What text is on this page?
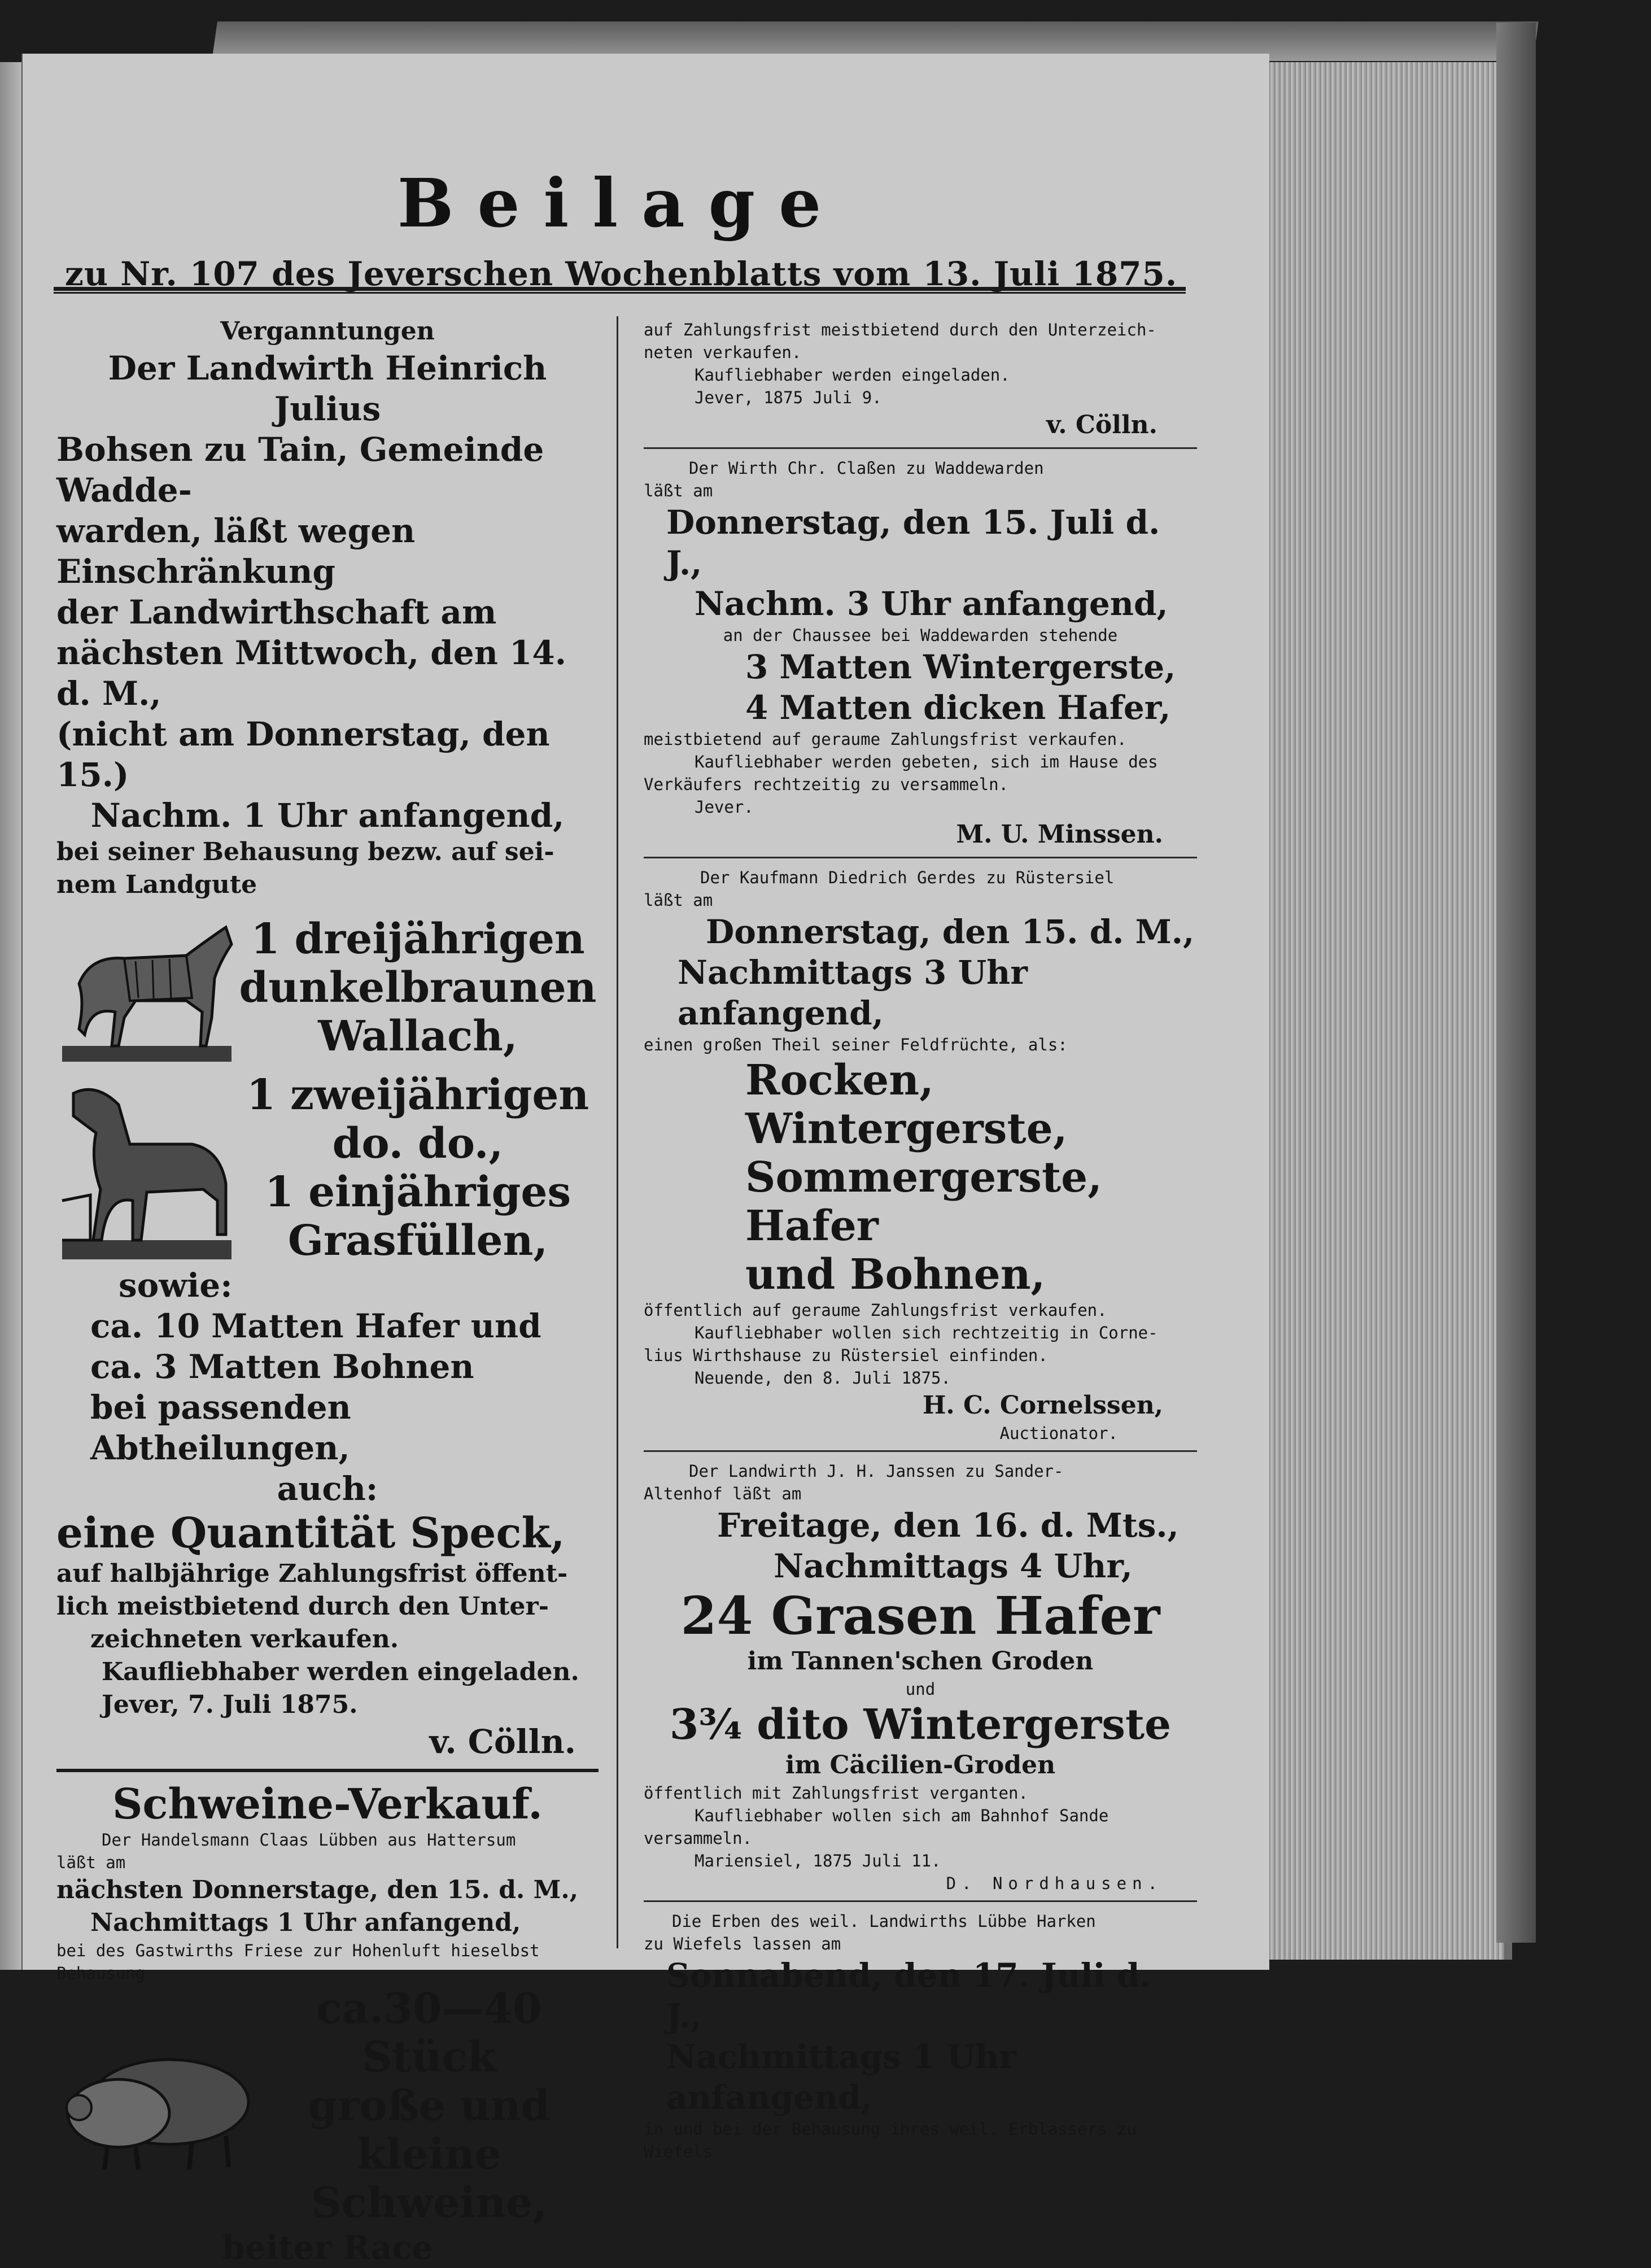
Beilage
zu Nr. 107 des Jeverschen Wochenblatts vom 13. Juli 1875.
Verganntungen
Der Landwirth Heinrich Julius
Bohsen zu Tain, Gemeinde Wadde-
warden, läßt wegen Einschränkung
der Landwirthschaft am
nächsten Mittwoch, den 14. d. M.,
(nicht am Donnerstag, den 15.)
Nachm. 1 Uhr anfangend,
bei seiner Behausung bezw. auf sei-
nem Landgute
1 dreijährigen
dunkelbraunen
Wallach,
1 zweijährigen
do. do.,
1 einjähriges
Grasfüllen,
sowie:
ca. 10 Matten Hafer und
ca. 3 Matten Bohnen
bei passenden Abtheilungen,
auch:
eine Quantität Speck,
auf halbjährige Zahlungsfrist öffent-
lich meistbietend durch den Unter-
zeichneten verkaufen.
Kaufliebhaber werden eingeladen.
Jever, 7. Juli 1875.
v. Cölln.
Schweine-Verkauf.
Der Handelsmann Claas Lübben aus Hattersum
läßt am
nächsten Donnerstage, den 15. d. M.,
Nachmittags 1 Uhr anfangend,
bei des Gastwirths Friese zur Hohenluft hieselbst
Behausung
ca.30—40 Stück
große und kleine
Schweine,
beiter Race
auf Zahlungsfrist meistbietend durch den Unterzeich-
neten verkaufen.
Kaufliebhaber werden eingeladen.
Jever, 1875 Juli 9.
v. Cölln.
Der Wirth Chr. Claßen zu Waddewarden
läßt am
Donnerstag, den 15. Juli d. J.,
Nachm. 3 Uhr anfangend,
an der Chaussee bei Waddewarden stehende
3 Matten Wintergerste,
4 Matten dicken Hafer,
meistbietend auf geraume Zahlungsfrist verkaufen.
Kaufliebhaber werden gebeten, sich im Hause des
Verkäufers rechtzeitig zu versammeln.
Jever.
M. U. Minssen.
Der Kaufmann Diedrich Gerdes zu Rüstersiel
läßt am
Donnerstag, den 15. d. M.,
Nachmittags 3 Uhr anfangend,
einen großen Theil seiner Feldfrüchte, als:
Rocken, Wintergerste,
Sommergerste, Hafer
und Bohnen,
öffentlich auf geraume Zahlungsfrist verkaufen.
Kaufliebhaber wollen sich rechtzeitig in Corne-
lius Wirthshause zu Rüstersiel einfinden.
Neuende, den 8. Juli 1875.
H. C. Cornelssen,
Auctionator.
Der Landwirth J. H. Janssen zu Sander-
Altenhof läßt am
Freitage, den 16. d. Mts.,
Nachmittags 4 Uhr,
24 Grasen Hafer
im Tannen'schen Groden
und
3¾ dito Wintergerste
im Cäcilien-Groden
öffentlich mit Zahlungsfrist verganten.
Kaufliebhaber wollen sich am Bahnhof Sande
versammeln.
Mariensiel, 1875 Juli 11.
D. Nordhausen.
Die Erben des weil. Landwirths Lübbe Harken
zu Wiefels lassen am
Sonnabend, den 17. Juli d. J.,
Nachmittags 1 Uhr anfangend,
in und bei der Behausung ihres weil. Erblassers zu
Wiefels
